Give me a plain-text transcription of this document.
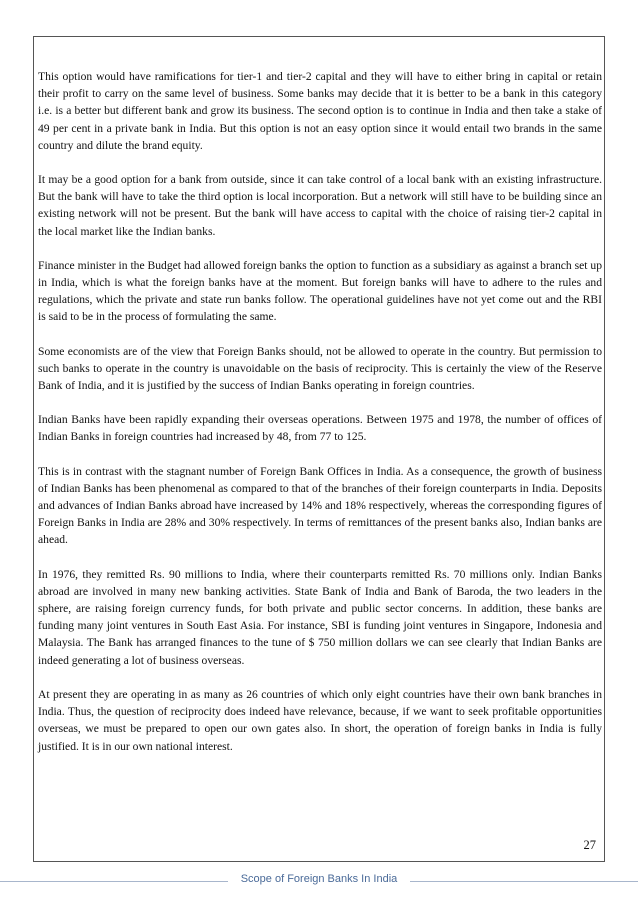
This option would have ramifications for tier-1 and tier-2 capital and they will have to either bring in capital or retain their profit to carry on the same level of business. Some banks may decide that it is better to be a bank in this category i.e. is a better but different bank and grow its business. The second option is to continue in India and then take a stake of 49 per cent in a private bank in India. But this option is not an easy option since it would entail two brands in the same country and dilute the brand equity.

It may be a good option for a bank from outside, since it can take control of a local bank with an existing infrastructure. But the bank will have to take the third option is local incorporation. But a network will still have to be building since an existing network will not be present. But the bank will have access to capital with the choice of raising tier-2 capital in the local market like the Indian banks.

Finance minister in the Budget had allowed foreign banks the option to function as a subsidiary as against a branch set up in India, which is what the foreign banks have at the moment. But foreign banks will have to adhere to the rules and regulations, which the private and state run banks follow. The operational guidelines have not yet come out and the RBI is said to be in the process of formulating the same.

Some economists are of the view that Foreign Banks should, not be allowed to operate in the country. But permission to such banks to operate in the country is unavoidable on the basis of reciprocity. This is certainly the view of the Reserve Bank of India, and it is justified by the success of Indian Banks operating in foreign countries.

Indian Banks have been rapidly expanding their overseas operations. Between 1975 and 1978, the number of offices of Indian Banks in foreign countries had increased by 48, from 77 to 125.

This is in contrast with the stagnant number of Foreign Bank Offices in India. As a consequence, the growth of business of Indian Banks has been phenomenal as compared to that of the branches of their foreign counterparts in India. Deposits and advances of Indian Banks abroad have increased by 14% and 18% respectively, whereas the corresponding figures of Foreign Banks in India are 28% and 30% respectively. In terms of remittances of the present banks also, Indian banks are ahead.

In 1976, they remitted Rs. 90 millions to India, where their counterparts remitted Rs. 70 millions only. Indian Banks abroad are involved in many new banking activities. State Bank of India and Bank of Baroda, the two leaders in the sphere, are raising foreign currency funds, for both private and public sector concerns. In addition, these banks are funding many joint ventures in South East Asia. For instance, SBI is funding joint ventures in Singapore, Indonesia and Malaysia. The Bank has arranged finances to the tune of $ 750 million dollars we can see clearly that Indian Banks are indeed generating a lot of business overseas.

At present they are operating in as many as 26 countries of which only eight countries have their own bank branches in India. Thus, the question of reciprocity does indeed have relevance, because, if we want to seek profitable opportunities overseas, we must be prepared to open our own gates also. In short, the operation of foreign banks in India is fully justified. It is in our own national interest.

27
Scope of Foreign Banks In India
